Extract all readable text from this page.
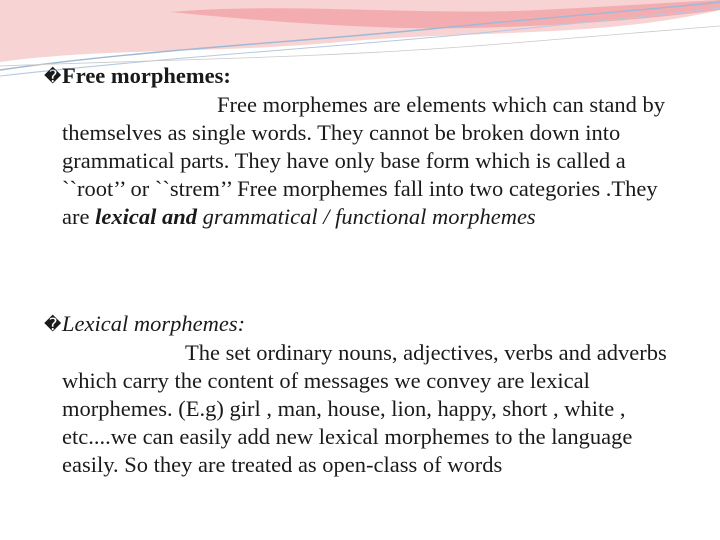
�Free morphemes:

Free morphemes are elements which can stand by themselves as single words. They cannot be broken down into grammatical parts. They have only base form which is called a ``root’’ or ``strem’’ Free morphemes fall into two categories .They are lexical and grammatical / functional morphemes

�Lexical morphemes:

The set ordinary nouns, adjectives, verbs and adverbs which carry the content of messages we convey are lexical morphemes. (E.g) girl , man, house, lion, happy, short , white , etc....we can easily add new lexical morphemes to the language easily. So they are treated as open-class of words
